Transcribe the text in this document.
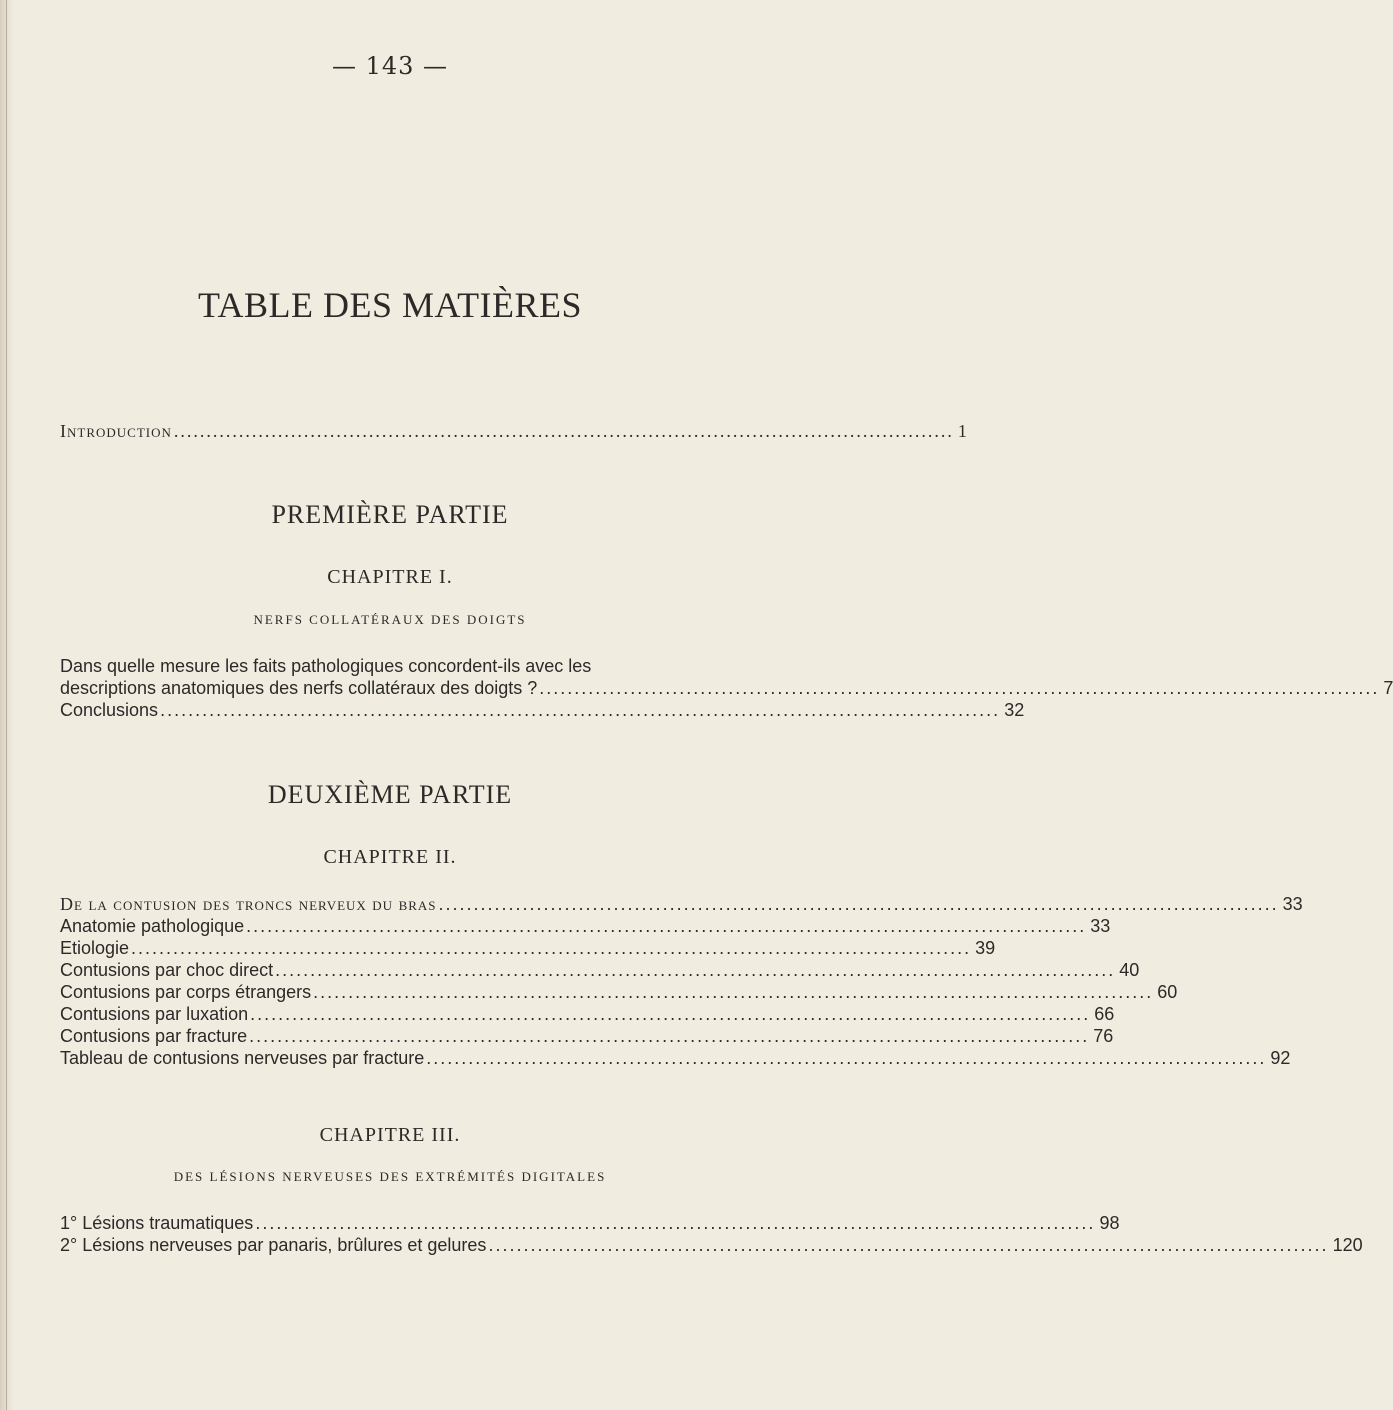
— 143 —
TABLE DES MATIÈRES
Introduction ........................................................................................................................ 1
PREMIÈRE PARTIE
CHAPITRE I.
NERFS COLLATÉRAUX DES DOIGTS
Dans quelle mesure les faits pathologiques concordent-ils avec les
descriptions anatomiques des nerfs collatéraux des doigts ? ........................................................................................................................ 7
Conclusions ........................................................................................................................ 32
DEUXIÈME PARTIE
CHAPITRE II.
De la contusion des troncs nerveux du bras ........................................................................................................................ 33
Anatomie pathologique ........................................................................................................................ 33
Etiologie ........................................................................................................................ 39
Contusions par choc direct ........................................................................................................................ 40
Contusions par corps étrangers ........................................................................................................................ 60
Contusions par luxation ........................................................................................................................ 66
Contusions par fracture ........................................................................................................................ 76
Tableau de contusions nerveuses par fracture ........................................................................................................................ 92
CHAPITRE III.
DES LÉSIONS NERVEUSES DES EXTRÉMITÉS DIGITALES
1° Lésions traumatiques ........................................................................................................................ 98
2° Lésions nerveuses par panaris, brûlures et gelures ........................................................................................................................ 120
